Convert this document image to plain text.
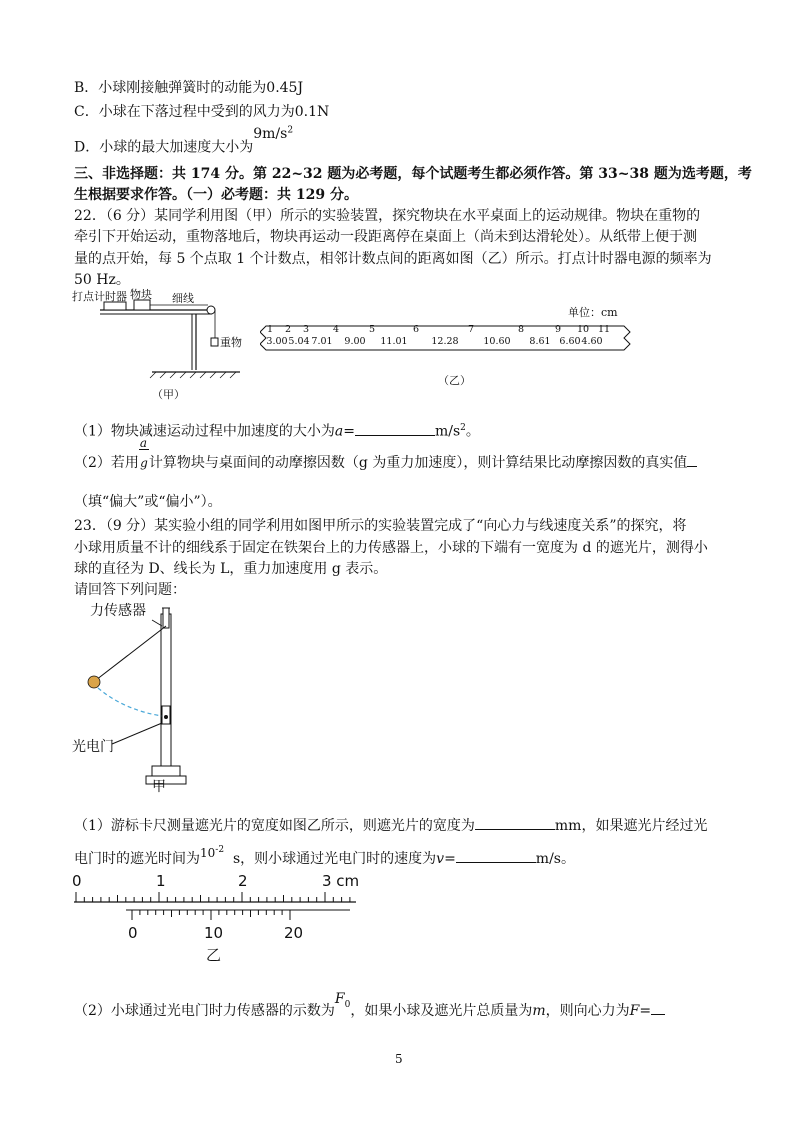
B．小球刚接触弹簧时的动能为0.45J
C．小球在下落过程中受到的风力为0.1N
D．小球的最大加速度大小为$9m/s^2$
三、非选择题：共 174 分。第 22~32 题为必考题，每个试题考生都必须作答。第 33~38 题为选考题，考
生根据要求作答。（一）必考题：共 129 分。
22．（6 分）某同学利用图（甲）所示的实验装置，探究物块在水平桌面上的运动规律。物块在重物的
牵引下开始运动，重物落地后，物块再运动一段距离停在桌面上（尚未到达滑轮处）。从纸带上便于测
量的点开始，每 5 个点取 1 个计数点，相邻计数点间的距离如图（乙）所示。打点计时器电源的频率为
50 Hz。
打点计时器 物块 细线
重物
（甲）
单位：cm
1 2 3	4	5	6	7	8	9 10 11
3.00 5.04 7.01	9.00	11.01	12.28	10.60	8.61 6.60 4.60
（乙）
（1）物块减速运动过程中加速度的大小为a=	$m/s^2$。
（2）若用 $\frac{a}{g}$计算物块与桌面间的动摩擦因数（g 为重力加速度），则计算结果比动摩擦因数的真实值
（填“偏大”或“偏小”）。
23．（9 分）某实验小组的同学利用如图甲所示的实验装置完成了“向心力与线速度关系”的探究，将
小球用质量不计的细线系于固定在铁架台上的力传感器上，小球的下端有一宽度为 d 的遮光片，测得小
球的直径为 D、线长为 L，重力加速度用 g 表示。
请回答下列问题：
力传感器
光电门
甲
（1）游标卡尺测量遮光片的宽度如图乙所示，则遮光片的宽度为	mm，如果遮光片经过光
电门时的遮光时间为$10^{-2}$  s，则小球通过光电门时的速度为v=	m/s。
0	1	2	3 cm
0	10	20
乙
（2）小球通过光电门时力传感器的示数为$F_0$，如果小球及遮光片总质量为m，则向心力为F=
5
